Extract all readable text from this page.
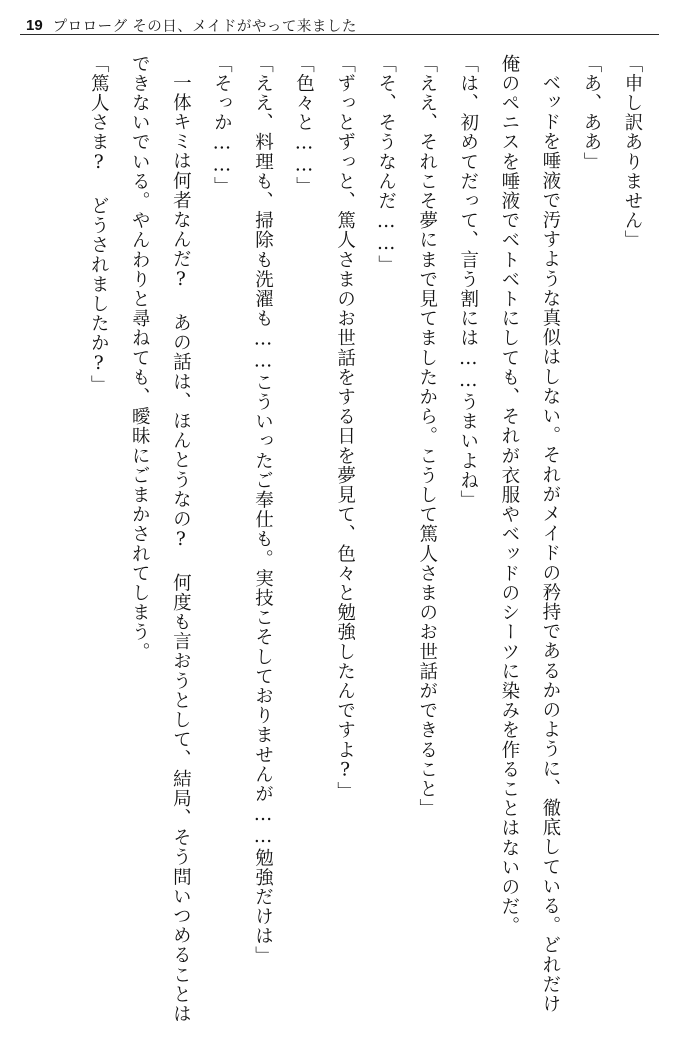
19 プロローグ その日、メイドがやって来ました

「申し訳ありません」

「あ、ああ」

ベッドを唾液で汚すような真似はしない。それがメイドの矜持であるかのように、徹底している。どれだけ俺のペニスを唾液でベトベトにしても、それが衣服やベッドのシーツに染みを作ることはないのだ。

「は、初めてだって、言う割には……うまいよね」

「ええ、それこそ夢にまで見てましたから。こうして篤人さまのお世話ができること」

「そ、そうなんだ……」

「ずっとずっと、篤人さまのお世話をする日を夢見て、色々と勉強したんですよ?」

「色々と……」

「ええ、料理も、掃除も洗濯も……こういったご奉仕も。実技こそしておりませんが……勉強だけは」

「そっか……」

一体キミは何者なんだ? あの話は、ほんとうなの? 何度も言おうとして、結局、そう問いつめることはできないでいる。やんわりと尋ねても、曖昧にごまかされてしまう。

「篤人さま? どうされましたか?」
